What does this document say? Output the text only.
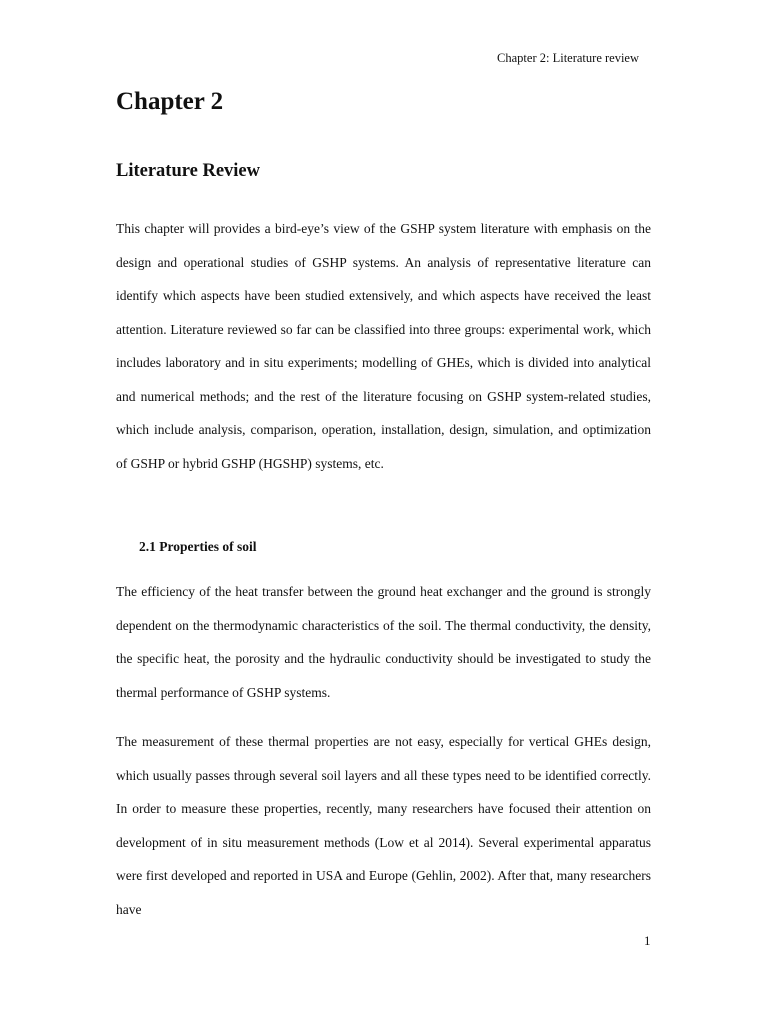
Chapter 2: Literature review
Chapter 2
Literature Review

This chapter will provides a bird-eye’s view of the GSHP system literature with emphasis on the design and operational studies of GSHP systems. An analysis of representative literature can identify which aspects have been studied extensively, and which aspects have received the least attention. Literature reviewed so far can be classified into three groups: experimental work, which includes laboratory and in situ experiments; modelling of GHEs, which is divided into analytical and numerical methods; and the rest of the literature focusing on GSHP system-related studies, which include analysis, comparison, operation, installation, design, simulation, and optimization of GSHP or hybrid GSHP (HGSHP) systems, etc.

2.1 Properties of soil

The efficiency of the heat transfer between the ground heat exchanger and the ground is strongly dependent on the thermodynamic characteristics of the soil. The thermal conductivity, the density, the specific heat, the porosity and the hydraulic conductivity should be investigated to study the thermal performance of GSHP systems.

The measurement of these thermal properties are not easy, especially for vertical GHEs design, which usually passes through several soil layers and all these types need to be identified correctly. In order to measure these properties, recently, many researchers have focused their attention on development of in situ measurement methods (Low et al 2014). Several experimental apparatus were first developed and reported in USA and Europe (Gehlin, 2002). After that, many researchers have

1
